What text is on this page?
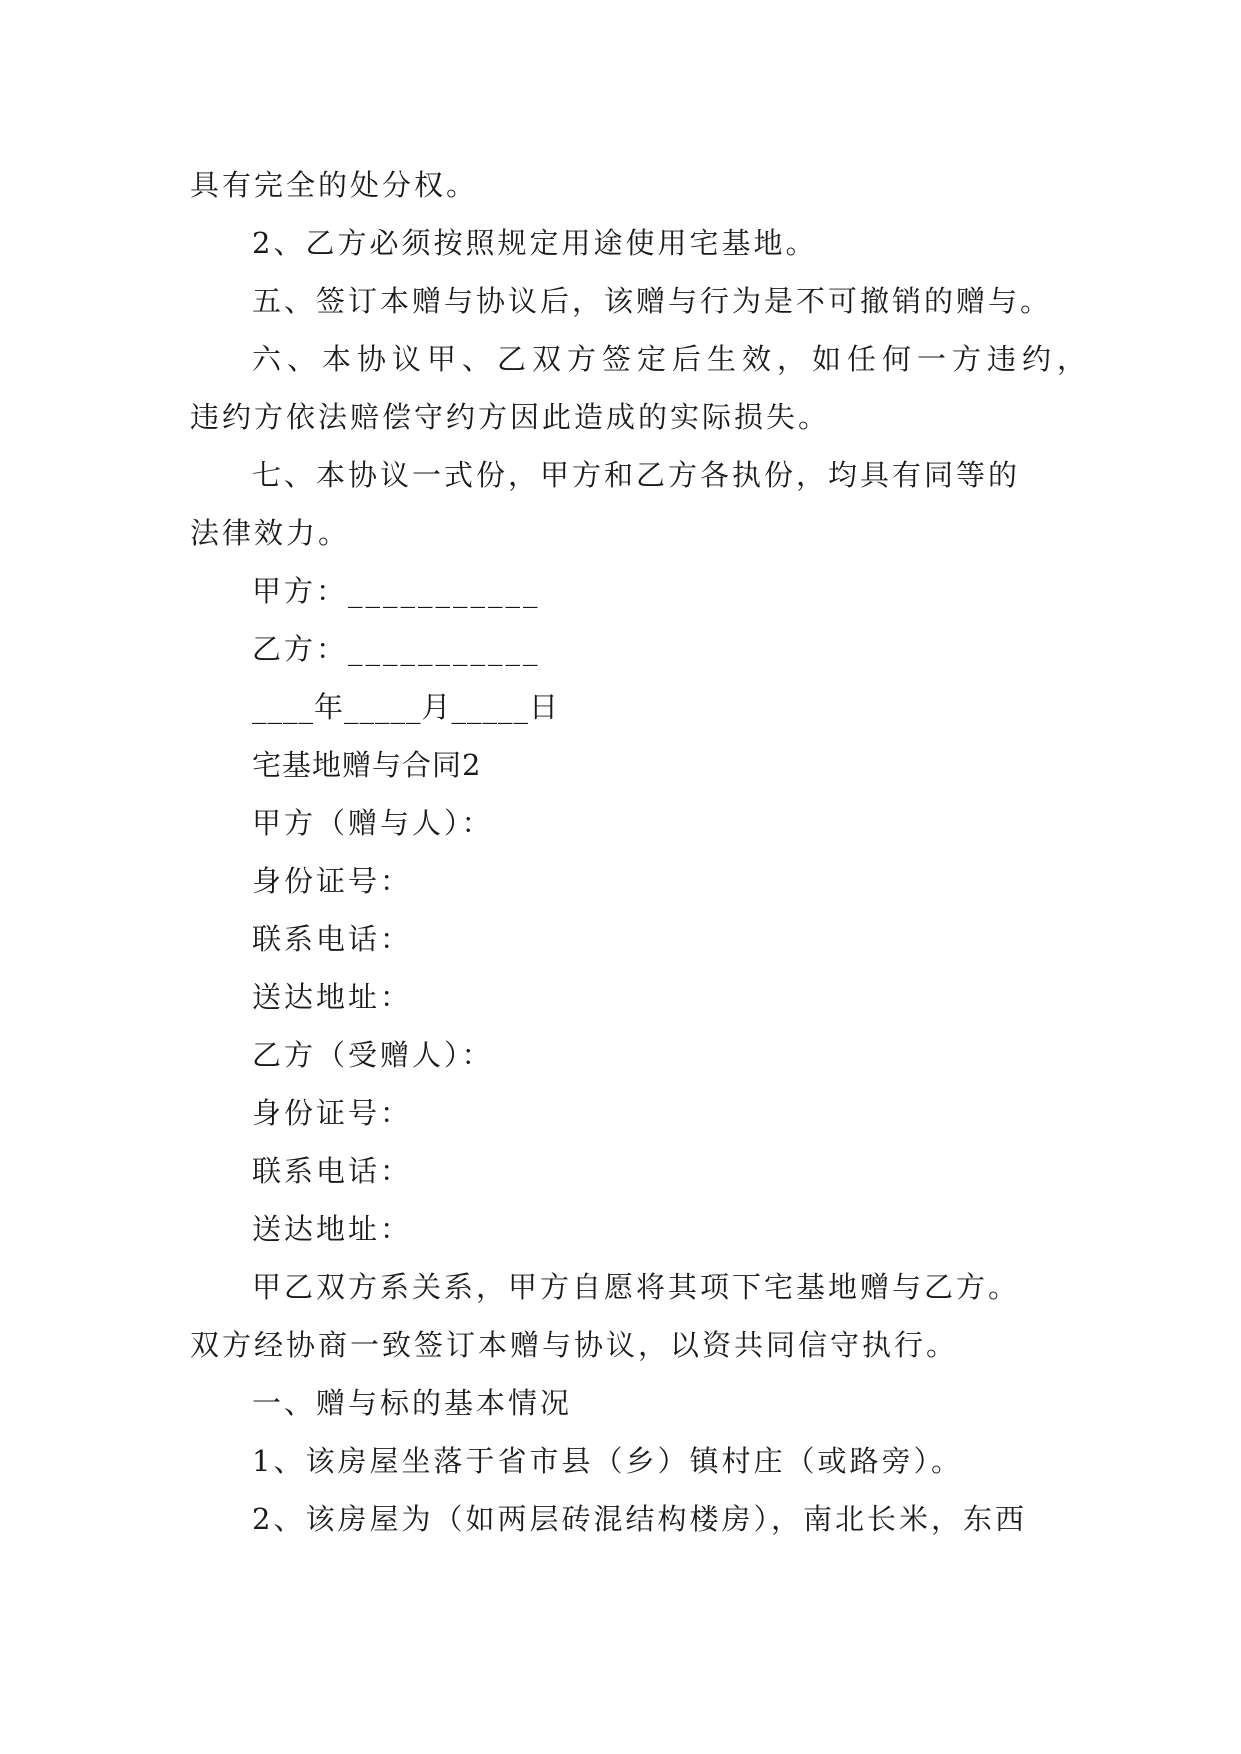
具有完全的处分权。
2、乙方必须按照规定用途使用宅基地。
五、签订本赠与协议后，该赠与行为是不可撤销的赠与。
六、本协议甲、乙双方签定后生效，如任何一方违约，
违约方依法赔偿守约方因此造成的实际损失。
七、本协议一式份，甲方和乙方各执份，均具有同等的
法律效力。
甲方：___________
乙方：___________
____年_____月_____日
宅基地赠与合同2
甲方（赠与人）：
身份证号：
联系电话：
送达地址：
乙方（受赠人）：
身份证号：
联系电话：
送达地址：
甲乙双方系关系，甲方自愿将其项下宅基地赠与乙方。
双方经协商一致签订本赠与协议，以资共同信守执行。
一、赠与标的基本情况
1、该房屋坐落于省市县（乡）镇村庄（或路旁）。
2、该房屋为（如两层砖混结构楼房），南北长米，东西
